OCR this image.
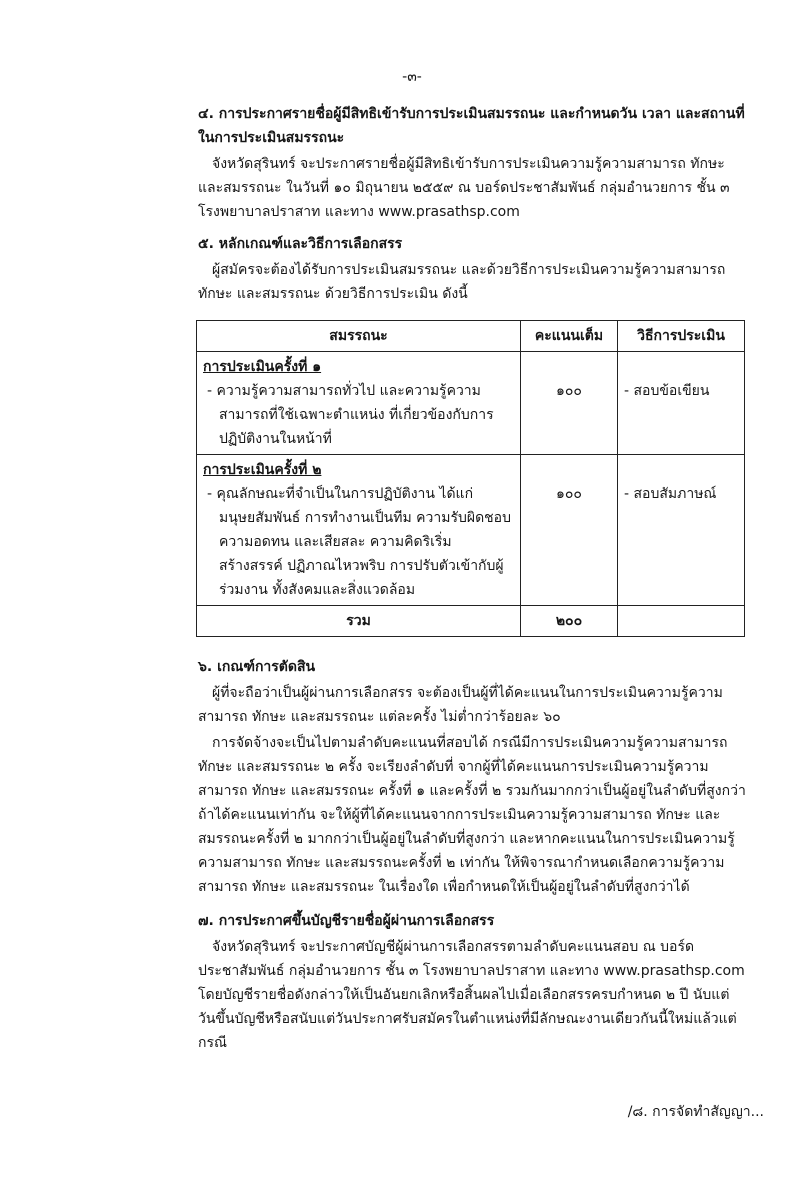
-๓-

๔. การประกาศรายชื่อผู้มีสิทธิเข้ารับการประเมินสมรรถนะ และกำหนดวัน เวลา และสถานที่ในการประเมินสมรรถนะ

จังหวัดสุรินทร์ จะประกาศรายชื่อผู้มีสิทธิเข้ารับการประเมินความรู้ความสามารถ ทักษะ และสมรรถนะ ในวันที่ ๑๐ มิถุนายน ๒๕๕๙ ณ บอร์ดประชาสัมพันธ์ กลุ่มอำนวยการ ชั้น ๓ โรงพยาบาลปราสาท และทาง www.prasathsp.com

๕. หลักเกณฑ์และวิธีการเลือกสรร

ผู้สมัครจะต้องได้รับการประเมินสมรรถนะ และด้วยวิธีการประเมินความรู้ความสามารถ ทักษะ และสมรรถนะ ด้วยวิธีการประเมิน ดังนี้

สมรรถนะ	คะแนนเต็ม	วิธีการประเมิน

การประเมินครั้งที่ ๑
- ความรู้ความสามารถทั่วไป และความรู้ความสามารถที่ใช้เฉพาะตำแหน่ง ที่เกี่ยวข้องกับการปฏิบัติงานในหน้าที่	๑๐๐	- สอบข้อเขียน

การประเมินครั้งที่ ๒
- คุณลักษณะที่จำเป็นในการปฏิบัติงาน ได้แก่ มนุษยสัมพันธ์ การทำงานเป็นทีม ความรับผิดชอบ ความอดทน และเสียสละ ความคิดริเริ่มสร้างสรรค์ ปฏิภาณไหวพริบ การปรับตัวเข้ากับผู้ร่วมงาน ทั้งสังคมและสิ่งแวดล้อม	๑๐๐	- สอบสัมภาษณ์
รวม	๒๐๐	

๖. เกณฑ์การตัดสิน

ผู้ที่จะถือว่าเป็นผู้ผ่านการเลือกสรร จะต้องเป็นผู้ที่ได้คะแนนในการประเมินความรู้ความสามารถ ทักษะ และสมรรถนะ แต่ละครั้ง ไม่ต่ำกว่าร้อยละ ๖๐

การจัดจ้างจะเป็นไปตามลำดับคะแนนที่สอบได้ กรณีมีการประเมินความรู้ความสามารถ ทักษะ และสมรรถนะ ๒ ครั้ง จะเรียงลำดับที่ จากผู้ที่ได้คะแนนการประเมินความรู้ความสามารถ ทักษะ และสมรรถนะ ครั้งที่ ๑ และครั้งที่ ๒ รวมกันมากกว่าเป็นผู้อยู่ในลำดับที่สูงกว่า ถ้าได้คะแนนเท่ากัน จะให้ผู้ที่ได้คะแนนจากการประเมินความรู้ความสามารถ ทักษะ และสมรรถนะครั้งที่ ๒ มากกว่าเป็นผู้อยู่ในลำดับที่สูงกว่า และหากคะแนนในการประเมินความรู้ความสามารถ ทักษะ และสมรรถนะครั้งที่ ๒ เท่ากัน ให้พิจารณากำหนดเลือกความรู้ความสามารถ ทักษะ และสมรรถนะ ในเรื่องใด เพื่อกำหนดให้เป็นผู้อยู่ในลำดับที่สูงกว่าได้

๗. การประกาศขึ้นบัญชีรายชื่อผู้ผ่านการเลือกสรร

จังหวัดสุรินทร์ จะประกาศบัญชีผู้ผ่านการเลือกสรรตามลำดับคะแนนสอบ ณ บอร์ดประชาสัมพันธ์ กลุ่มอำนวยการ ชั้น ๓ โรงพยาบาลปราสาท และทาง www.prasathsp.com โดยบัญชีรายชื่อดังกล่าวให้เป็นอันยกเลิกหรือสิ้นผลไปเมื่อเลือกสรรครบกำหนด ๒ ปี นับแต่วันขึ้นบัญชีหรือสนับแต่วันประกาศรับสมัครในตำแหน่งที่มีลักษณะงานเดียวกันนี้ใหม่แล้วแต่กรณี

/๘. การจัดทำสัญญา...
